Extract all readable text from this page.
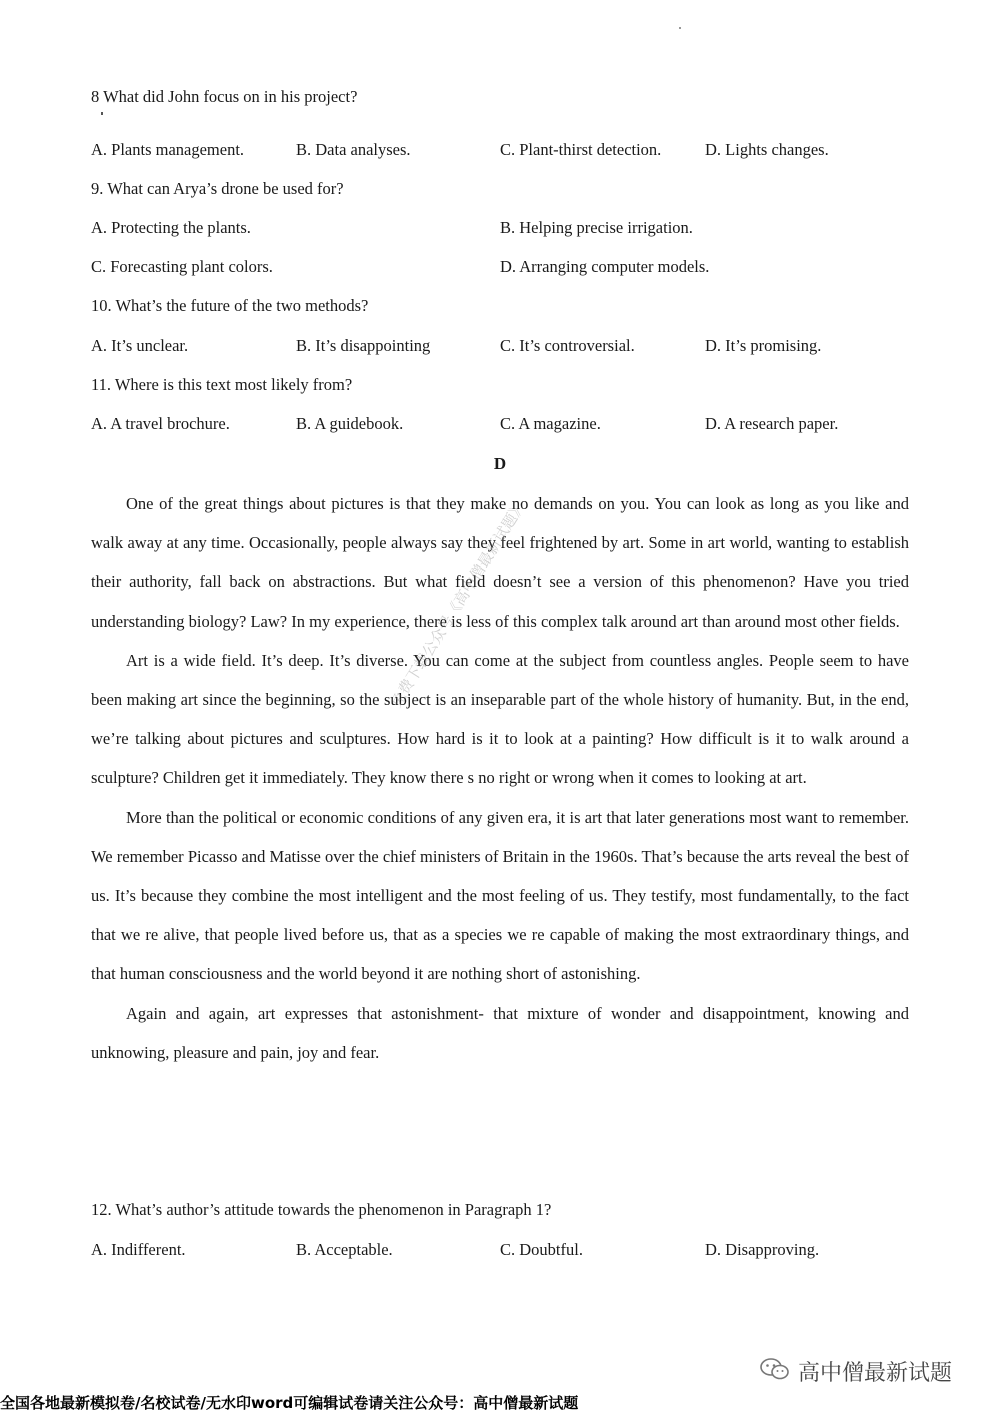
8 What did John focus on in his project?
A. Plants management.	B. Data analyses.	C. Plant-thirst detection.	D. Lights changes.
9. What can Arya’s drone be used for?
A. Protecting the plants.	B. Helping precise irrigation.
C. Forecasting plant colors.	D. Arranging computer models.
10. What’s the future of the two methods?
A. It’s unclear.	B. It’s disappointing	C. It’s controversial.	D. It’s promising.
11. Where is this text most likely from?
A. A travel brochure.	B. A guidebook.	C. A magazine.	D. A research paper.
D

One of the great things about pictures is that they make no demands on you. You can look as long as you like and walk away at any time. Occasionally, people always say they feel frightened by art. Some in art world, wanting to establish their authority, fall back on abstractions. But what field doesn’t see a version of this phenomenon? Have you tried understanding biology? Law? In my experience, there is less of this complex talk around art than around most other fields.

Art is a wide field. It’s deep. It’s diverse. You can come at the subject from countless angles. People seem to have been making art since the beginning, so the subject is an inseparable part of the whole history of humanity. But, in the end, we’re talking about pictures and sculptures. How hard is it to look at a painting? How difficult is it to walk around a sculpture? Children get it immediately. They know there s no right or wrong when it comes to looking at art.

More than the political or economic conditions of any given era, it is art that later generations most want to remember. We remember Picasso and Matisse over the chief ministers of Britain in the 1960s. That’s because the arts reveal the best of us. It’s because they combine the most intelligent and the most feeling of us. They testify, most fundamentally, to the fact that we re alive, that people lived before us, that as a species we re capable of making the most extraordinary things, and that human consciousness and the world beyond it are nothing short of astonishing.

Again and again, art expresses that astonishment- that mixture of wonder and disappointment, knowing and unknowing, pleasure and pain, joy and fear.

12. What’s author’s attitude towards the phenomenon in Paragraph 1?
A. Indifferent.	B. Acceptable.	C. Doubtful.	D. Disapproving.
免费下载公众号《高中僧最新试题》
高中僧最新试题
全国各地最新模拟卷/名校试卷/无水印word可编辑试卷请关注公众号：高中僧最新试题
